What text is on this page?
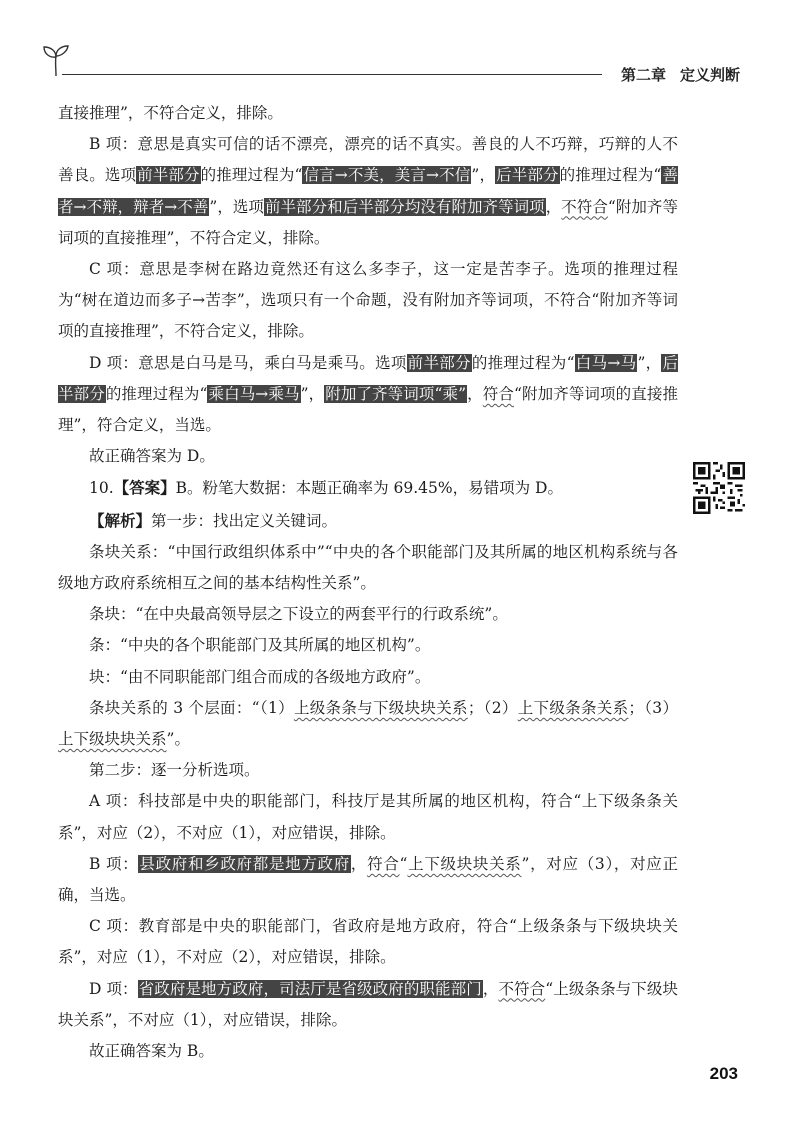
第二章 定义判断

直接推理”，不符合定义，排除。

B 项：意思是真实可信的话不漂亮，漂亮的话不真实。善良的人不巧辩，巧辩的人不善良。选项前半部分的推理过程为“信言→不美，美言→不信”，后半部分的推理过程为“善者→不辩，辩者→不善”，选项前半部分和后半部分均没有附加齐等词项，不符合“附加齐等词项的直接推理”，不符合定义，排除。

C 项：意思是李树在路边竟然还有这么多李子，这一定是苦李子。选项的推理过程为“树在道边而多子→苦李”，选项只有一个命题，没有附加齐等词项，不符合“附加齐等词项的直接推理”，不符合定义，排除。

D 项：意思是白马是马，乘白马是乘马。选项前半部分的推理过程为“白马→马”，后半部分的推理过程为“乘白马→乘马”，附加了齐等词项“乘”，符合“附加齐等词项的直接推理”，符合定义，当选。

故正确答案为 D。

10.【答案】B。粉笔大数据：本题正确率为 69.45%，易错项为 D。

【解析】第一步：找出定义关键词。

条块关系：“中国行政组织体系中”“中央的各个职能部门及其所属的地区机构系统与各级地方政府系统相互之间的基本结构性关系”。

条块：“在中央最高领导层之下设立的两套平行的行政系统”。

条：“中央的各个职能部门及其所属的地区机构”。

块：“由不同职能部门组合而成的各级地方政府”。

条块关系的 3 个层面：“（1）上级条条与下级块块关系；（2）上下级条条关系；（3）上下级块块关系”。

第二步：逐一分析选项。

A 项：科技部是中央的职能部门，科技厅是其所属的地区机构，符合“上下级条条关系”，对应（2），不对应（1），对应错误，排除。

B 项：县政府和乡政府都是地方政府，符合“上下级块块关系”，对应（3），对应正确，当选。

C 项：教育部是中央的职能部门，省政府是地方政府，符合“上级条条与下级块块关系”，对应（1），不对应（2），对应错误，排除。

D 项：省政府是地方政府，司法厅是省级政府的职能部门，不符合“上级条条与下级块块关系”，不对应（1），对应错误，排除。

故正确答案为 B。

203
